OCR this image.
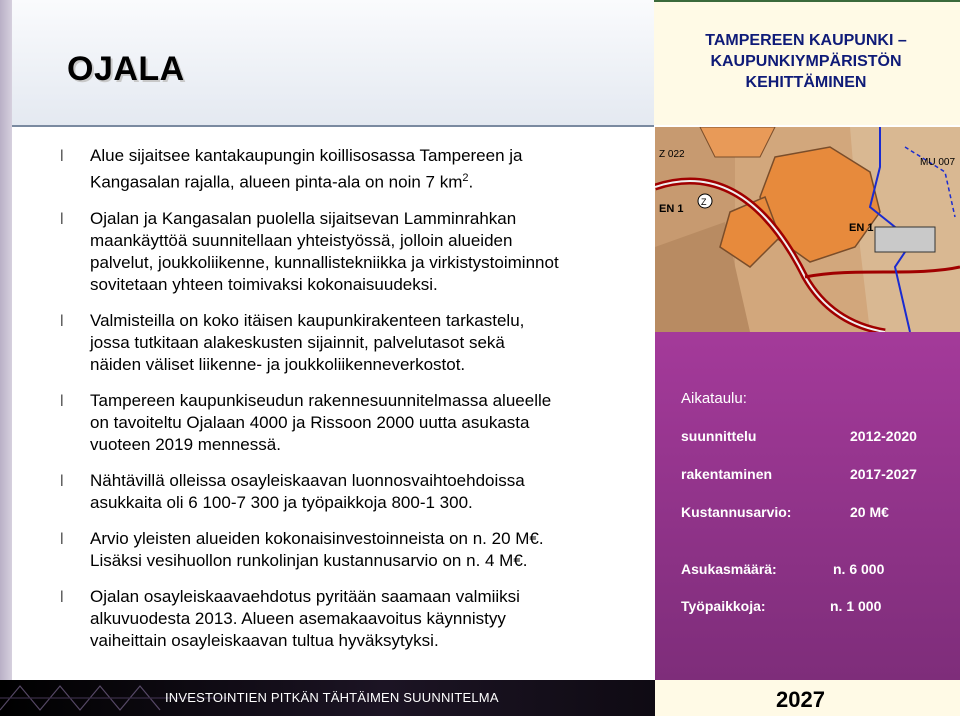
OJALA
TAMPEREEN KAUPUNKI –
KAUPUNKIYMPÄRISTÖN
KEHITTÄMINEN
l Alue sijaitsee kantakaupungin koillisosassa Tampereen ja
Kangasalan rajalla, alueen pinta-ala on noin 7 $km^2$.
l Ojalan ja Kangasalan puolella sijaitsevan Lamminrahkan
maankäyttöä suunnitellaan yhteistyössä, jolloin alueiden
palvelut, joukkoliikenne, kunnallistekniikka ja virkistystoiminnot
sovitetaan yhteen toimivaksi kokonaisuudeksi.
l Valmisteilla on koko itäisen kaupunkirakenteen tarkastelu,
jossa tutkitaan alakeskusten sijainnit, palvelutasot sekä
näiden väliset liikenne- ja joukkoliikenneverkostot.
l Tampereen kaupunkiseudun rakennesuunnitelmassa alueelle
on tavoiteltu Ojalaan 4000 ja Rissoon 2000 uutta asukasta
vuoteen 2019 mennessä.
l Nähtävillä olleissa osayleiskaavan luonnosvaihtoehdoissa
asukkaita oli 6 100-7 300 ja työpaikkoja 800-1 300.
l Arvio yleisten alueiden kokonaisinvestoinneista on n. 20 M€.
Lisäksi vesihuollon runkolinjan kustannusarvio on n. 4 M€.
l Ojalan osayleiskaavaehdotus pyritään saamaan valmiiksi
alkuvuodesta 2013. Alueen asemakaavoitus käynnistyy
vaiheittain osayleiskaavan tultua hyväksytyksi.
Z 022
EN 1
EN 1
MU 007
Z
Aikataulu:
suunnittelu	2012-2020
rakentaminen	2017-2027
Kustannusarvio:	20 M€
Asukasmäärä:	n. 6 000
Työpaikkoja:	n. 1 000
INVESTOINTIEN PITKÄN TÄHTÄIMEN SUUNNITELMA	2027
